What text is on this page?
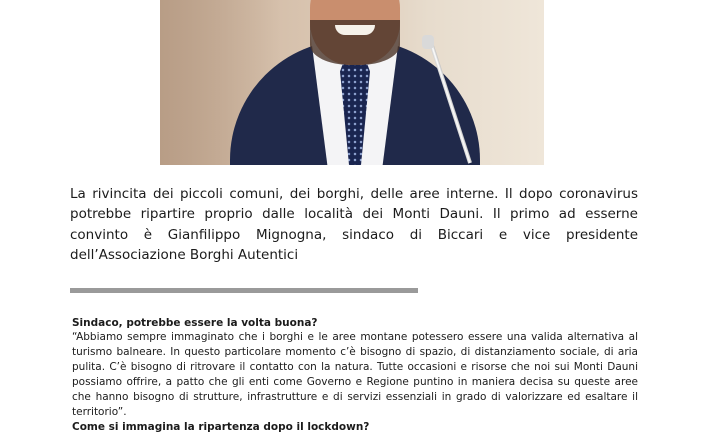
La rivincita dei piccoli comuni, dei borghi, delle aree interne. Il dopo coronavirus potrebbe ripartire proprio dalle località dei Monti Dauni. Il primo ad esserne convinto è Gianfilippo Mignogna, sindaco di Biccari e vice presidente dell’Associazione Borghi Autentici

Sindaco, potrebbe essere la volta buona?

“Abbiamo sempre immaginato che i borghi e le aree montane potessero essere una valida alternativa al turismo balneare. In questo particolare momento c’è bisogno di spazio, di distanziamento sociale, di aria pulita. C’è bisogno di ritrovare il contatto con la natura. Tutte occasioni e risorse che noi sui Monti Dauni possiamo offrire, a patto che gli enti come Governo e Regione puntino in maniera decisa su queste aree che hanno bisogno di strutture, infrastrutture e di servizi essenziali in grado di valorizzare ed esaltare il territorio”.

Come si immagina la ripartenza dopo il lockdown?
